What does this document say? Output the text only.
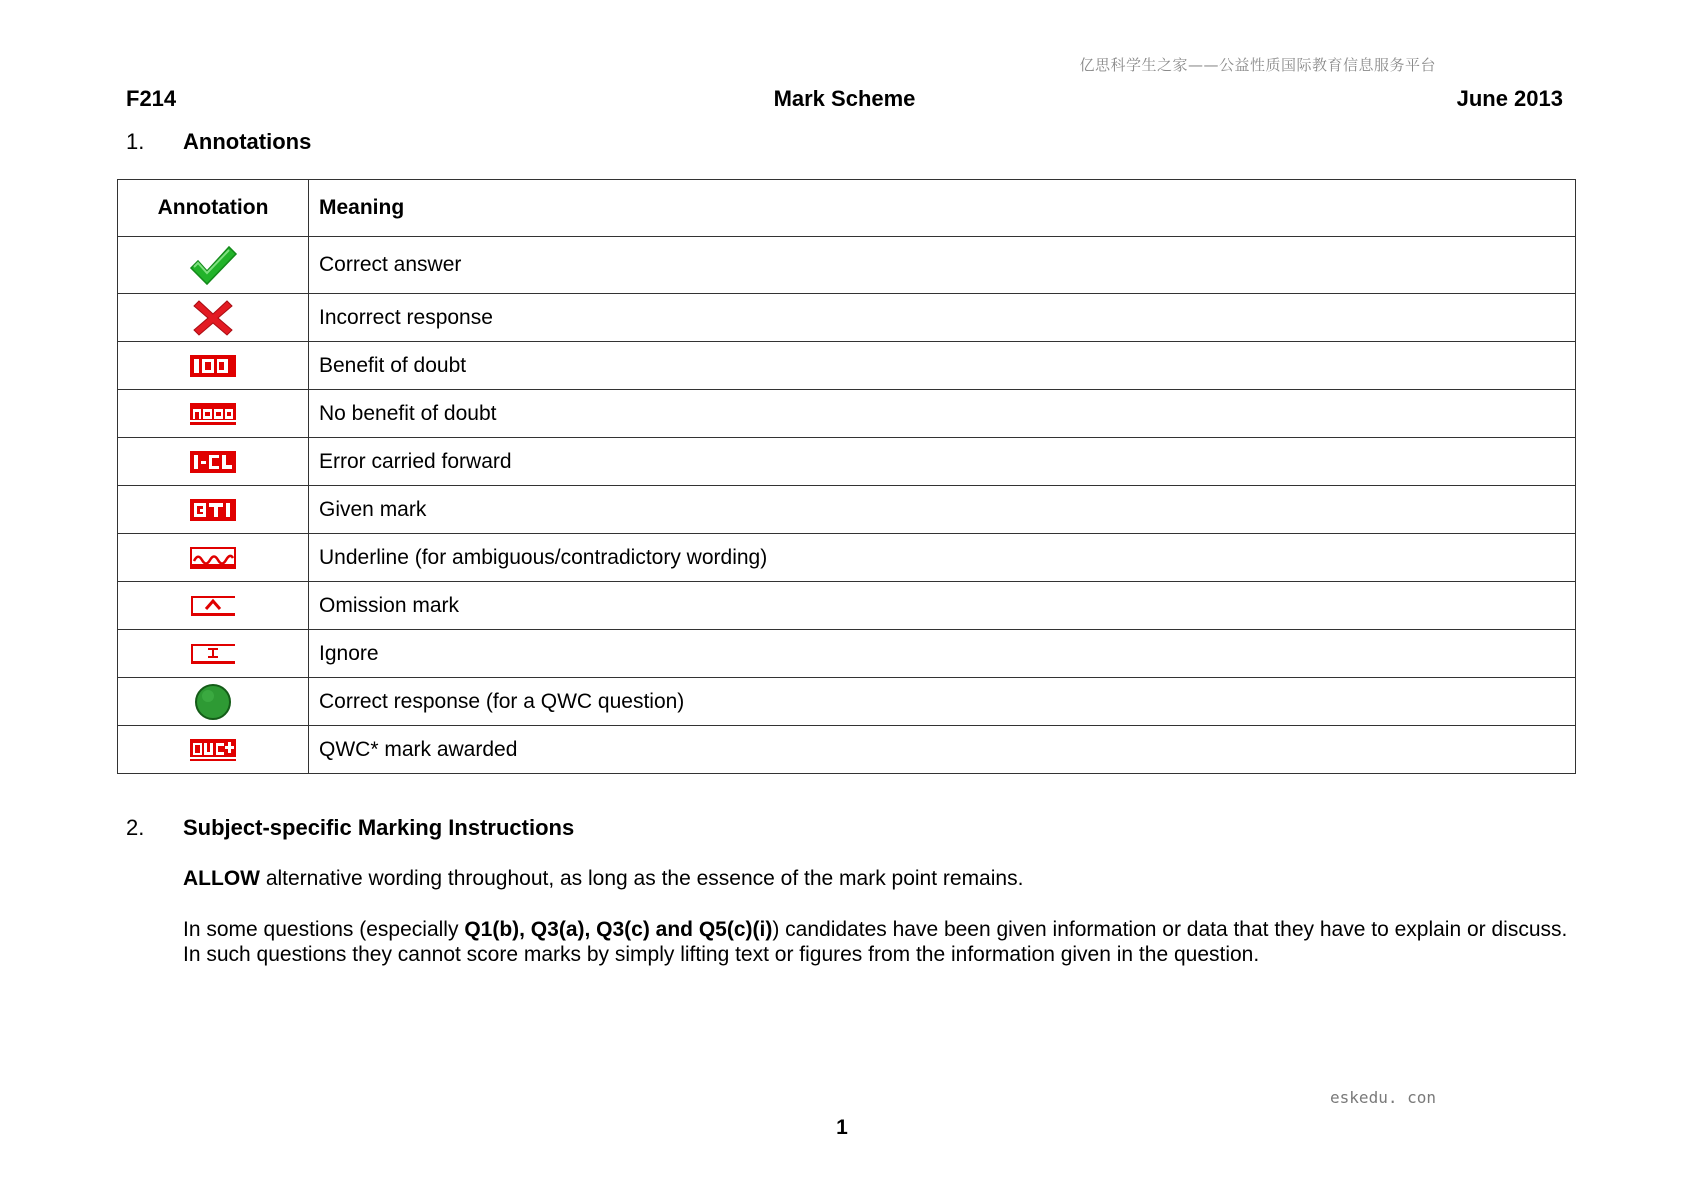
亿思科学生之家——公益性质国际教育信息服务平台
F214	Mark Scheme	June 2013
1. Annotations
Annotation	Meaning
	Correct answer
	Incorrect response
	Benefit of doubt
	No benefit of doubt
	Error carried forward
	Given mark
	Underline (for ambiguous/contradictory wording)
	Omission mark
	Ignore
	Correct response (for a QWC question)
	QWC* mark awarded
2. Subject-specific Marking Instructions
ALLOW alternative wording throughout, as long as the essence of the mark point remains.
In some questions (especially Q1(b), Q3(a), Q3(c) and Q5(c)(i)) candidates have been given information or data that they have to explain or discuss. In such questions they cannot score marks by simply lifting text or figures from the information given in the question.
eskedu. con
1
